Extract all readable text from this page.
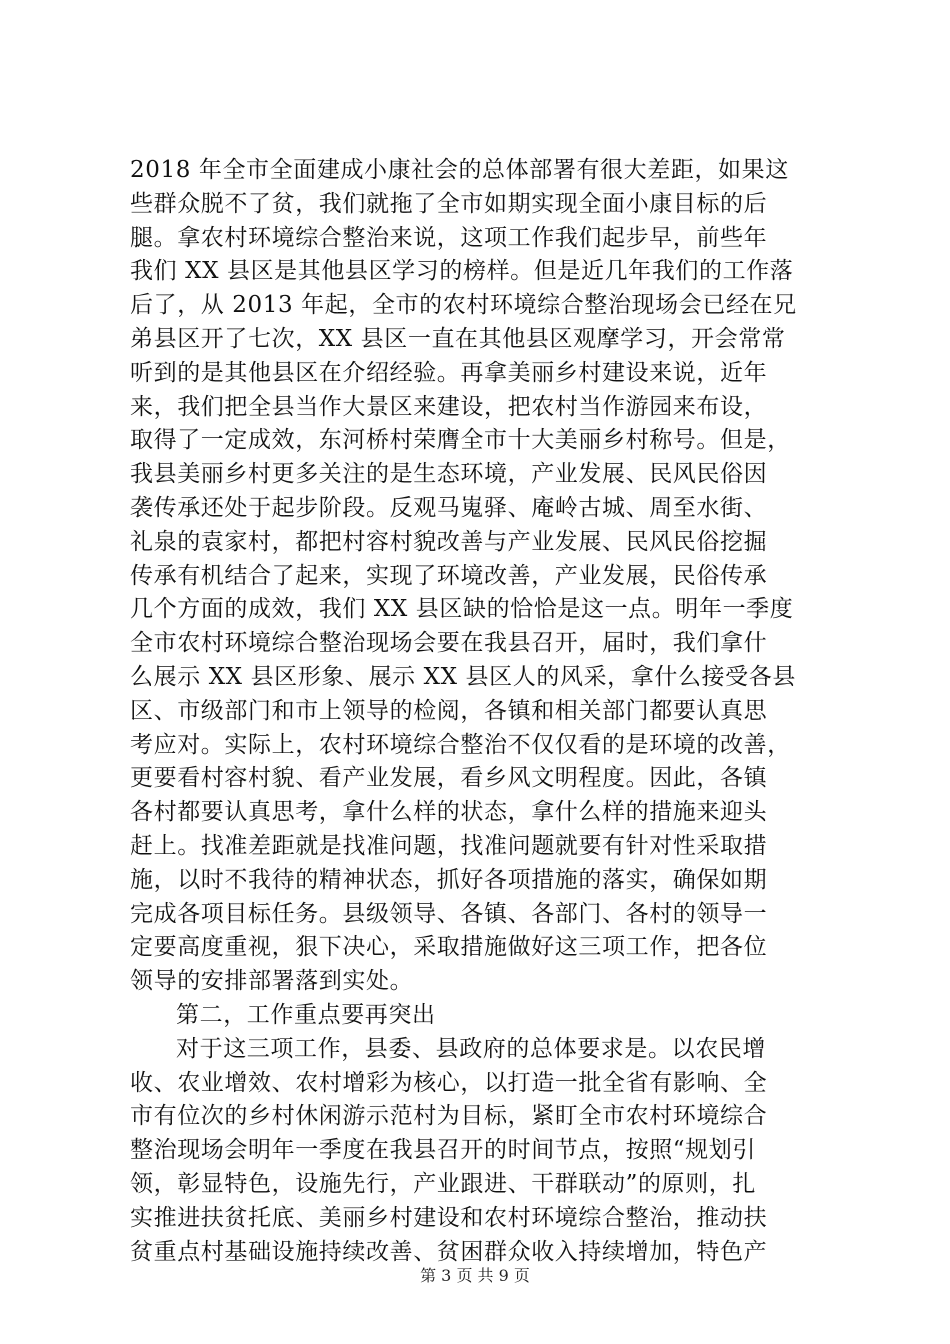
2018 年全市全面建成小康社会的总体部署有很大差距，如果这
些群众脱不了贫，我们就拖了全市如期实现全面小康目标的后
腿。拿农村环境综合整治来说，这项工作我们起步早，前些年
我们 XX 县区是其他县区学习的榜样。但是近几年我们的工作落
后了，从 2013 年起，全市的农村环境综合整治现场会已经在兄
弟县区开了七次，XX 县区一直在其他县区观摩学习，开会常常
听到的是其他县区在介绍经验。再拿美丽乡村建设来说，近年
来，我们把全县当作大景区来建设，把农村当作游园来布设，
取得了一定成效，东河桥村荣膺全市十大美丽乡村称号。但是，
我县美丽乡村更多关注的是生态环境，产业发展、民风民俗因
袭传承还处于起步阶段。反观马嵬驿、庵岭古城、周至水街、
礼泉的袁家村，都把村容村貌改善与产业发展、民风民俗挖掘
传承有机结合了起来，实现了环境改善，产业发展，民俗传承
几个方面的成效，我们 XX 县区缺的恰恰是这一点。明年一季度
全市农村环境综合整治现场会要在我县召开，届时，我们拿什
么展示 XX 县区形象、展示 XX 县区人的风采，拿什么接受各县
区、市级部门和市上领导的检阅，各镇和相关部门都要认真思
考应对。实际上，农村环境综合整治不仅仅看的是环境的改善，
更要看村容村貌、看产业发展，看乡风文明程度。因此，各镇
各村都要认真思考，拿什么样的状态，拿什么样的措施来迎头
赶上。找准差距就是找准问题，找准问题就要有针对性采取措
施，以时不我待的精神状态，抓好各项措施的落实，确保如期
完成各项目标任务。县级领导、各镇、各部门、各村的领导一
定要高度重视，狠下决心，采取措施做好这三项工作，把各位
领导的安排部署落到实处。
第二，工作重点要再突出
对于这三项工作，县委、县政府的总体要求是。以农民增
收、农业增效、农村增彩为核心，以打造一批全省有影响、全
市有位次的乡村休闲游示范村为目标，紧盯全市农村环境综合
整治现场会明年一季度在我县召开的时间节点，按照“规划引
领，彰显特色，设施先行，产业跟进、干群联动”的原则，扎
实推进扶贫托底、美丽乡村建设和农村环境综合整治，推动扶
贫重点村基础设施持续改善、贫困群众收入持续增加，特色产
第 3 页 共 9 页
